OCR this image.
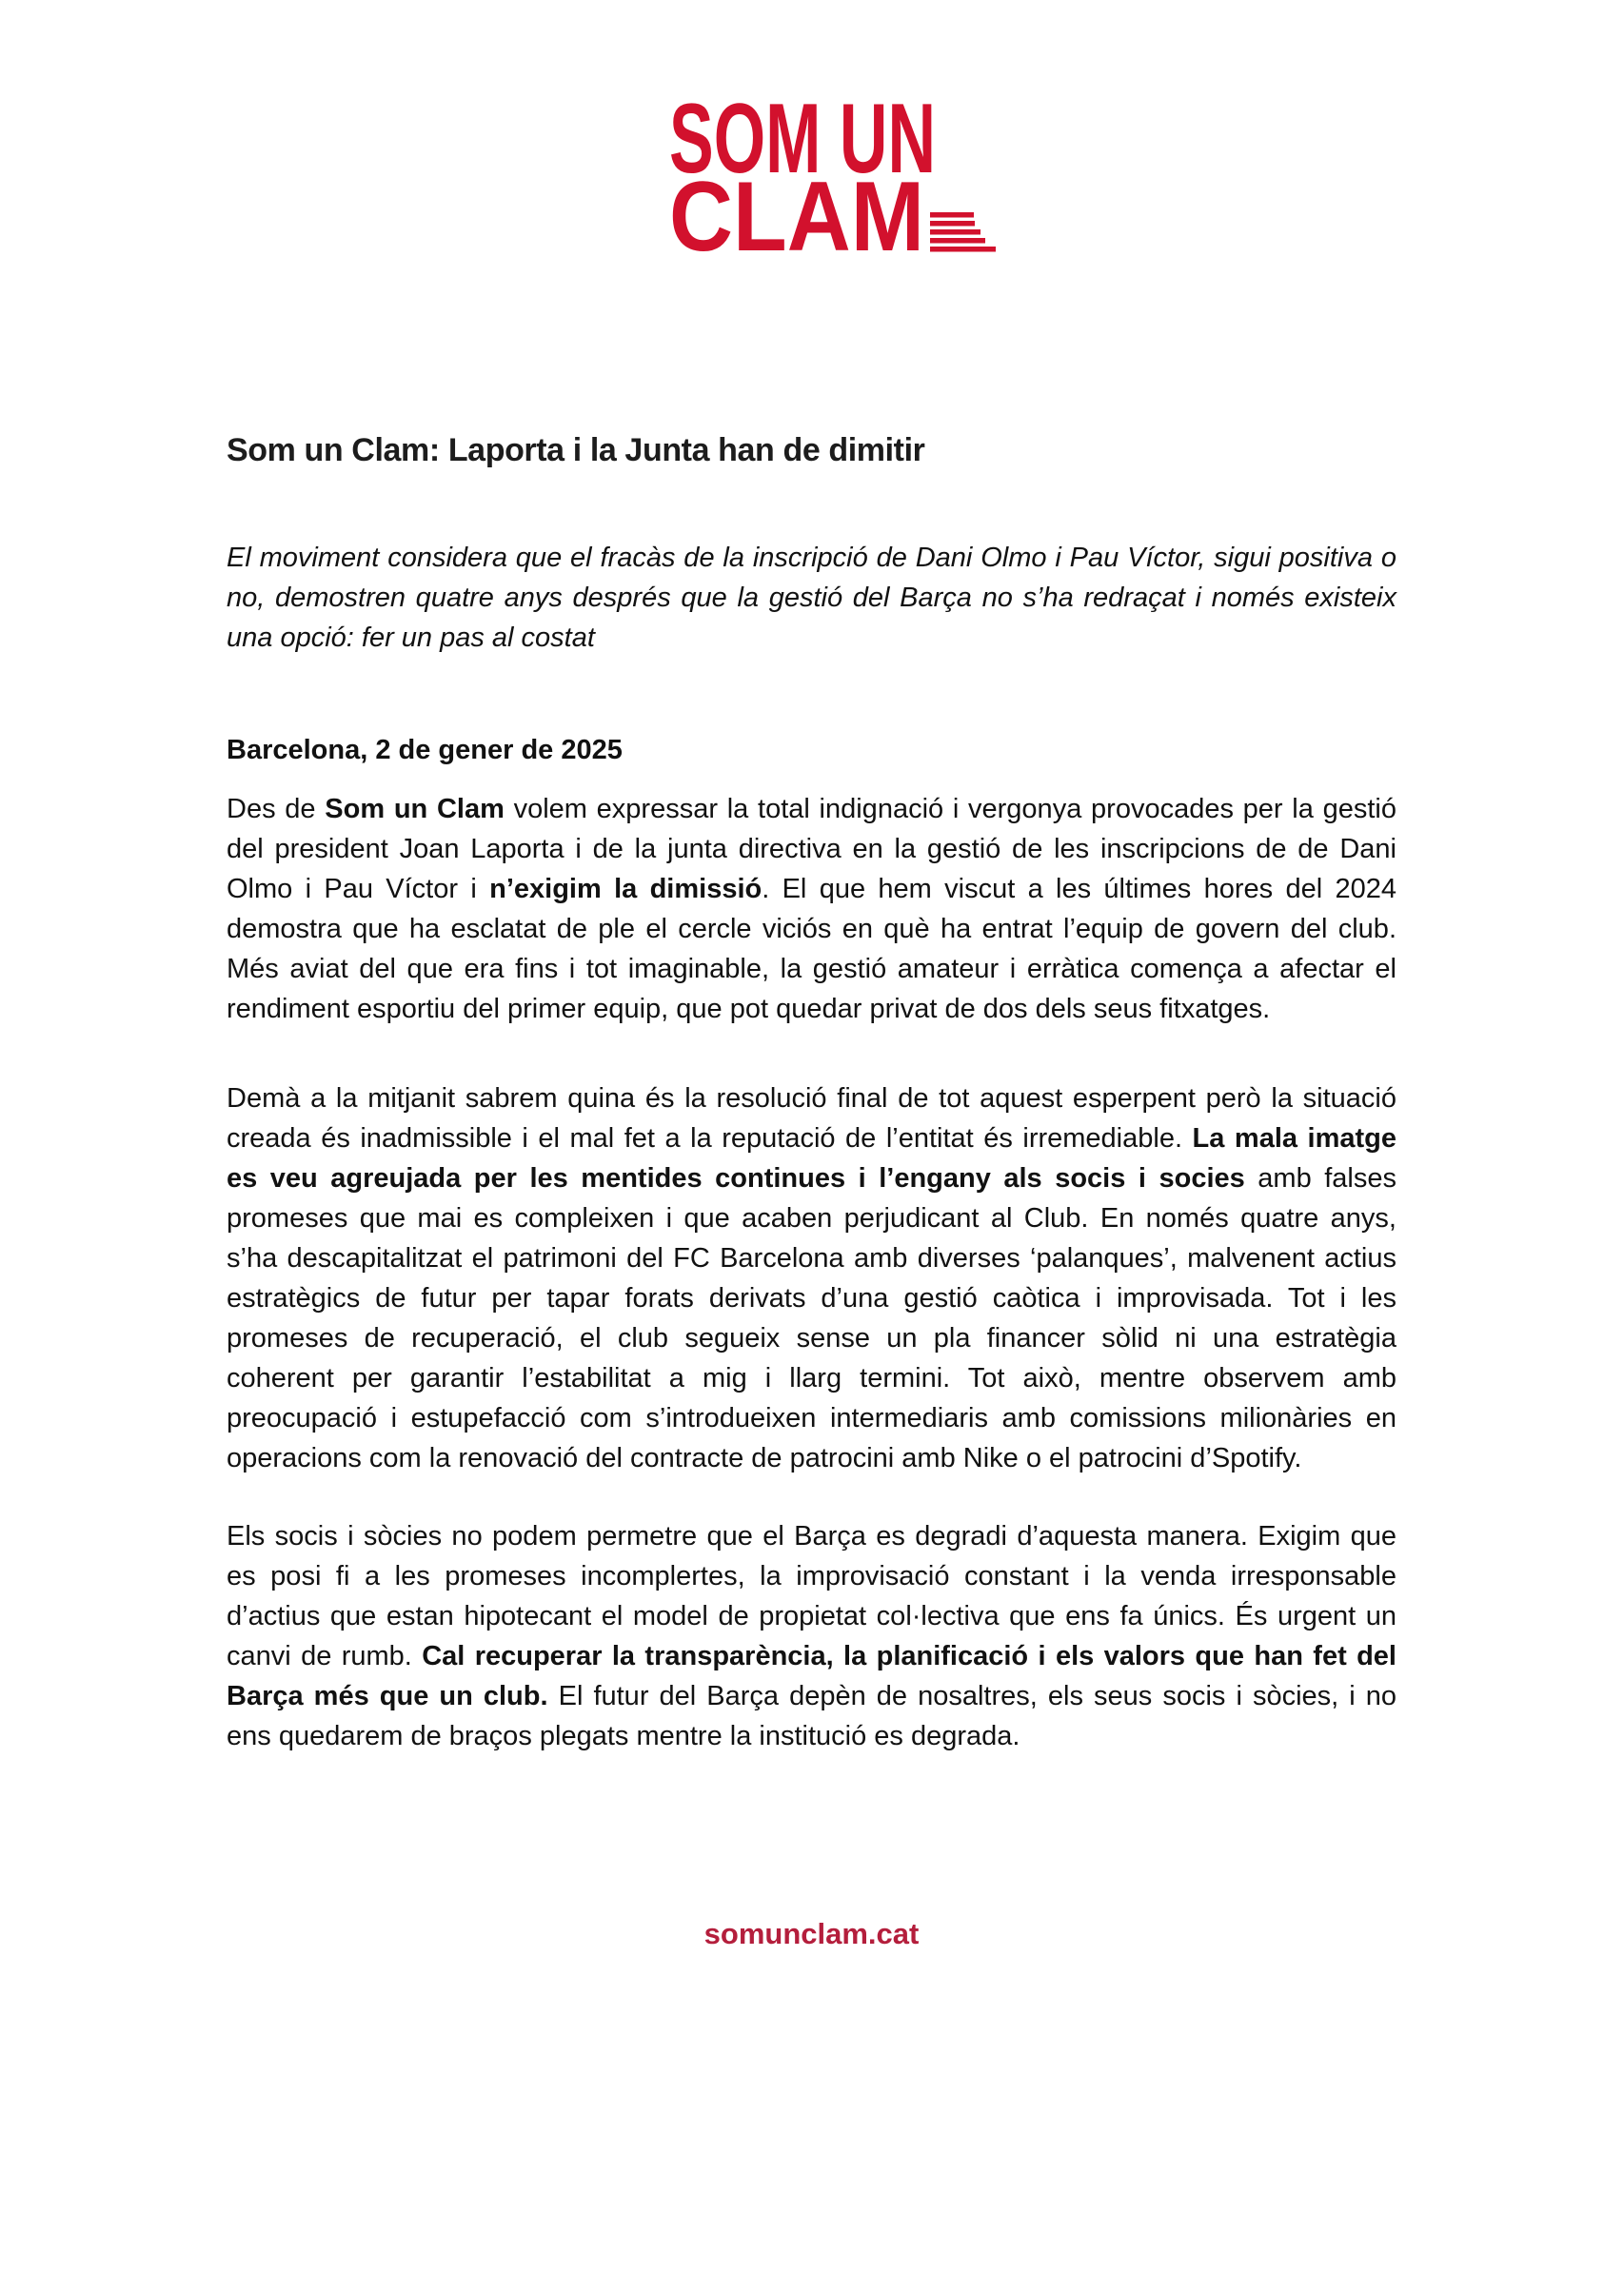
SOM UN
CLAM
Som un Clam: Laporta i la Junta han de dimitir

El moviment considera que el fracàs de la inscripció de Dani Olmo i Pau Víctor, sigui positiva o no, demostren quatre anys després que la gestió del Barça no s’ha redraçat i només existeix una opció: fer un pas al costat

Barcelona, 2 de gener de 2025

Des de Som un Clam volem expressar la total indignació i vergonya provocades per la gestió del president Joan Laporta i de la junta directiva en la gestió de les inscripcions de de Dani Olmo i Pau Víctor i n’exigim la dimissió. El que hem viscut a les últimes hores del 2024 demostra que ha esclatat de ple el cercle viciós en què ha entrat l’equip de govern del club. Més aviat del que era fins i tot imaginable, la gestió amateur i erràtica comença a afectar el rendiment esportiu del primer equip, que pot quedar privat de dos dels seus fitxatges.

Demà a la mitjanit sabrem quina és la resolució final de tot aquest esperpent però la situació creada és inadmissible i el mal fet a la reputació de l’entitat és irremediable. La mala imatge es veu agreujada per les mentides continues i l’engany als socis i socies amb falses promeses que mai es compleixen i que acaben perjudicant al Club. En només quatre anys, s’ha descapitalitzat el patrimoni del FC Barcelona amb diverses ‘palanques’, malvenent actius estratègics de futur per tapar forats derivats d’una gestió caòtica i improvisada. Tot i les promeses de recuperació, el club segueix sense un pla financer sòlid ni una estratègia coherent per garantir l’estabilitat a mig i llarg termini. Tot això, mentre observem amb preocupació i estupefacció com s’introdueixen intermediaris amb comissions milionàries en operacions com la renovació del contracte de patrocini amb Nike o el patrocini d’Spotify.

Els socis i sòcies no podem permetre que el Barça es degradi d’aquesta manera. Exigim que es posi fi a les promeses incomplertes, la improvisació constant i la venda irresponsable d’actius que estan hipotecant el model de propietat col·lectiva que ens fa únics. És urgent un canvi de rumb. Cal recuperar la transparència, la planificació i els valors que han fet del Barça més que un club. El futur del Barça depèn de nosaltres, els seus socis i sòcies, i no ens quedarem de braços plegats mentre la institució es degrada.

somunclam.cat
